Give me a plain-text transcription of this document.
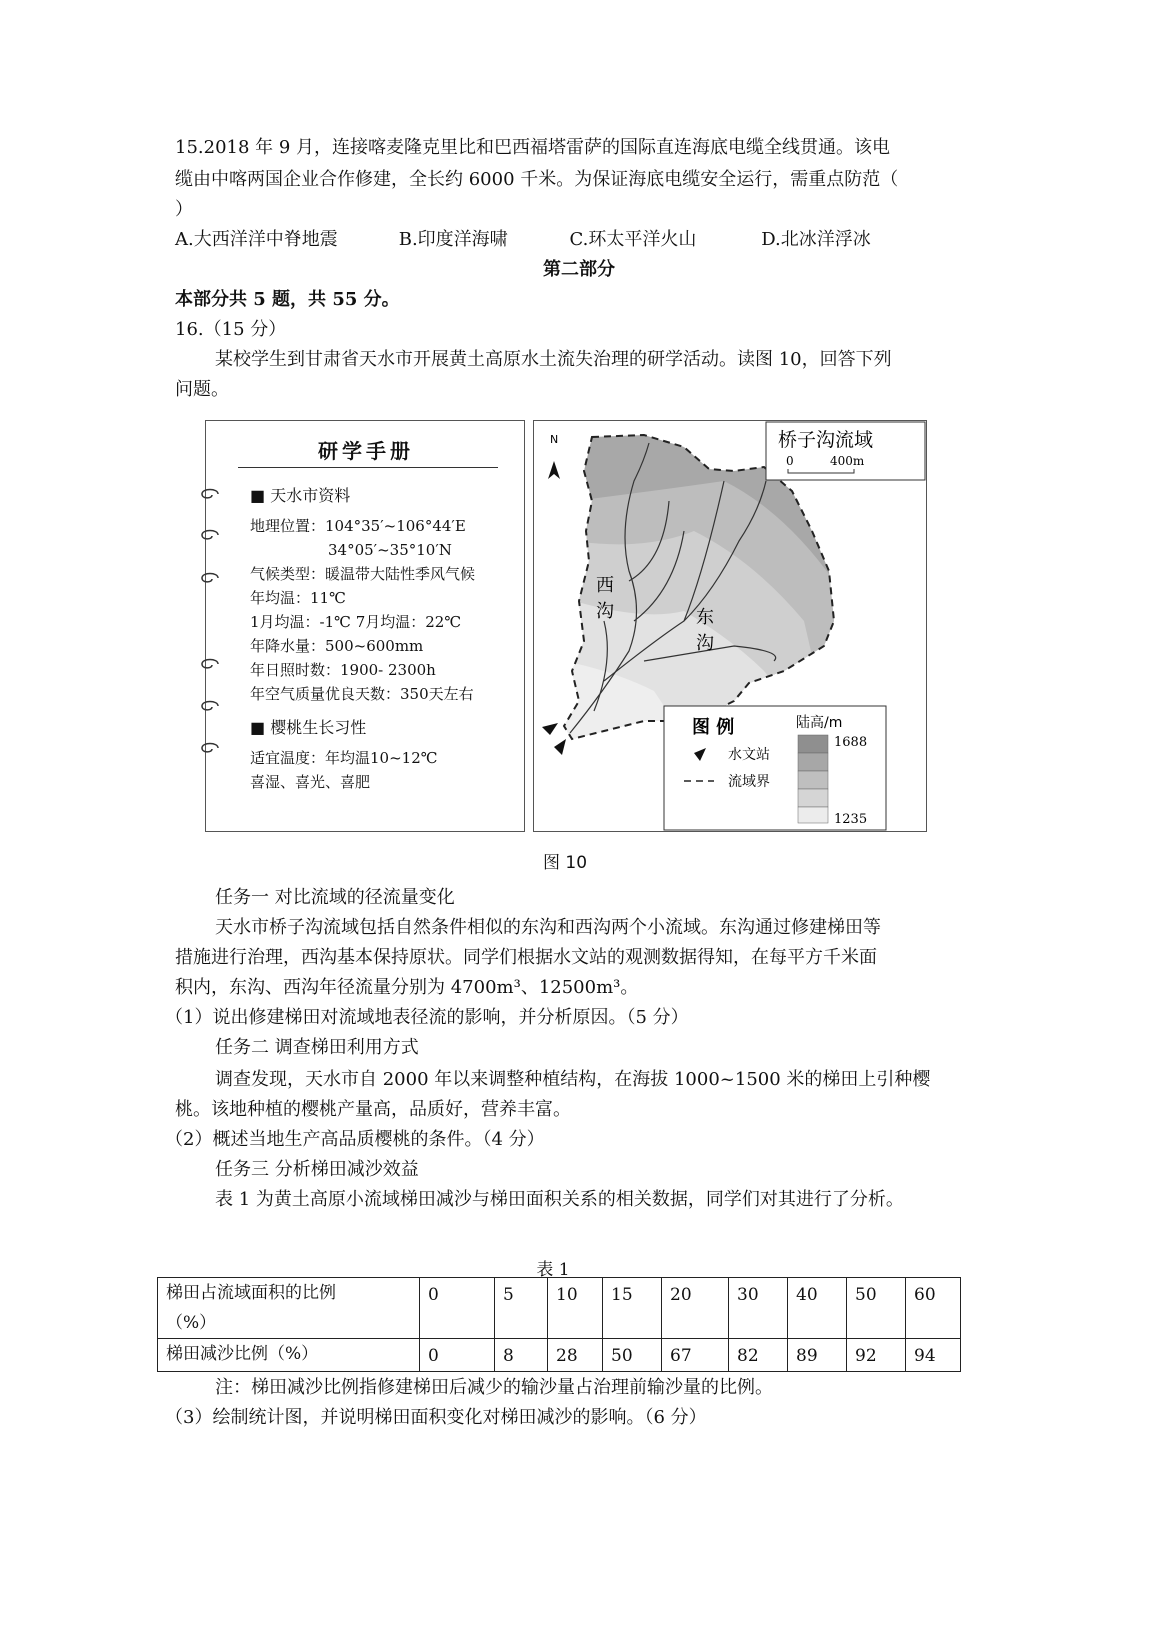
15.2018 年 9 月，连接喀麦隆克里比和巴西福塔雷萨的国际直连海底电缆全线贯通。该电
缆由中喀两国企业合作修建，全长约 6000 千米。为保证海底电缆安全运行，需重点防范（
）
A.大西洋洋中脊地震	B.印度洋海啸	C.环太平洋火山	D.北冰洋浮冰
第二部分
本部分共 5 题，共 55 分。
16.（15 分）
某校学生到甘肃省天水市开展黄土高原水土流失治理的研学活动。读图 10，回答下列
问题。
研学手册
■ 天水市资料
地理位置：104°35′~106°44′E
34°05′~35°10′N
气候类型：暖温带大陆性季风气候
年均温：11℃
1月均温：-1℃ 7月均温：22℃
年降水量：500~600mm
年日照时数：1900- 2300h
年空气质量优良天数：350天左右
■ 樱桃生长习性
适宜温度：年均温10~12℃
喜湿、喜光、喜肥
西
沟	东
沟
N	桥子沟流域
0	400m
图 例	陆高/m
水文站
流域界
1688
1235
图 10
任务一 对比流域的径流量变化
天水市桥子沟流域包括自然条件相似的东沟和西沟两个小流域。东沟通过修建梯田等
措施进行治理，西沟基本保持原状。同学们根据水文站的观测数据得知，在每平方千米面
积内，东沟、西沟年径流量分别为 4700m³、12500m³。
（1）说出修建梯田对流域地表径流的影响，并分析原因。（5 分）
任务二 调查梯田利用方式
调查发现，天水市自 2000 年以来调整种植结构，在海拔 1000~1500 米的梯田上引种樱
桃。该地种植的樱桃产量高，品质好，营养丰富。
（2）概述当地生产高品质樱桃的条件。（4 分）
任务三 分析梯田减沙效益
表 1 为黄土高原小流域梯田减沙与梯田面积关系的相关数据，同学们对其进行了分析。
表 1
梯田占流域面积的比例
（%）	0	5	10	15	20	30	40	50	60
梯田减沙比例（%）	0	8	28	50	67	82	89	92	94
注：梯田减沙比例指修建梯田后减少的输沙量占治理前输沙量的比例。
（3）绘制统计图，并说明梯田面积变化对梯田减沙的影响。（6 分）
